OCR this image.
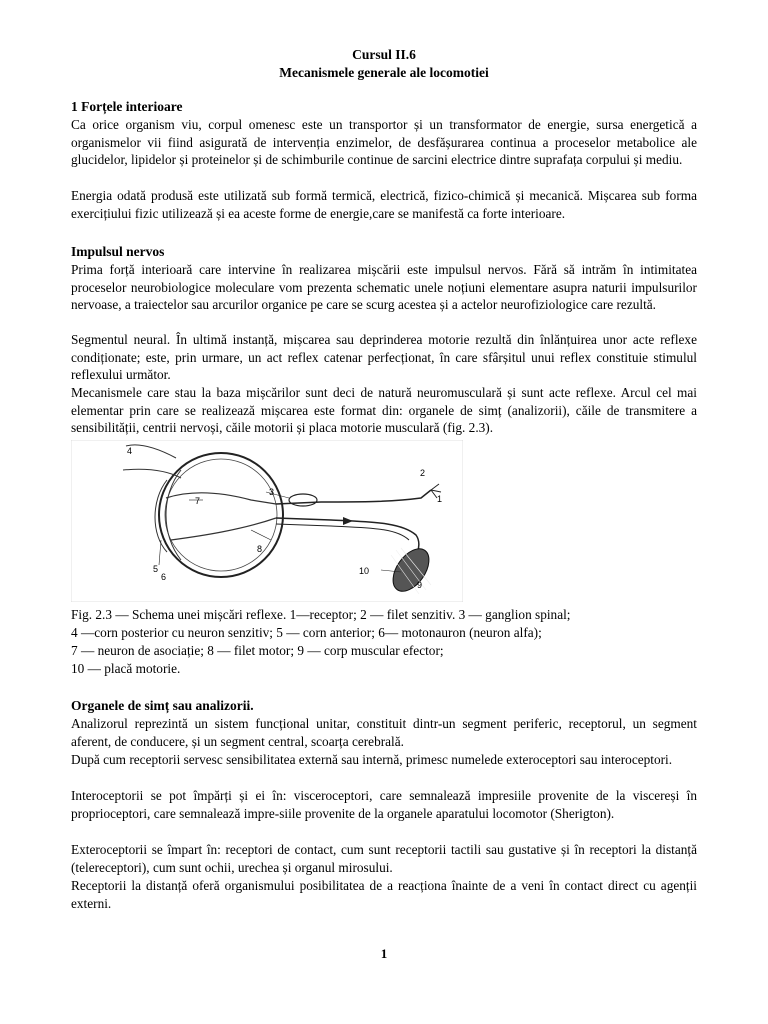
Cursul II.6
Mecanismele generale ale locomotiei
1 Forțele interioare

Ca orice organism viu, corpul omenesc este un transportor și un transformator de energie, sursa energetică a organismelor vii fiind asigurată de intervenția enzimelor, de desfășurarea continua a proceselor metabolice ale glucidelor, lipidelor și proteinelor și de schimburile continue de sarcini electrice dintre suprafața corpului și mediu.

Energia odată produsă este utilizată sub formă termică, electrică, fizico-chimică și mecanică. Mișcarea sub forma exercițiului fizic utilizează și ea aceste forme de energie,care se manifestă ca forte interioare.

Impulsul nervos

Prima forță interioară care intervine în realizarea mișcării este impulsul nervos. Fără să intrăm în intimitatea proceselor neurobiologice moleculare vom prezenta schematic unele noțiuni elementare asupra naturii impulsurilor nervoase, a traiectelor sau arcurilor organice pe care se scurg acestea și a actelor neurofiziologice care rezultă.

Segmentul neural. În ultimă instanță, mișcarea sau deprinderea motorie rezultă din înlănțuirea unor acte reflexe condiționate; este, prin urmare, un act reflex catenar perfecționat, în care sfârșitul unui reflex constituie stimulul reflexului următor.

Mecanismele care stau la baza mișcărilor sunt deci de natură neuromusculară și sunt acte reflexe. Arcul cel mai elementar prin care se realizează mișcarea este format din: organele de simț (analizorii), căile de transmitere a sensibilității, centrii nervoși, căile motorii și placa motorie musculară (fig. 2.3).

1
2
3
4
5
6
7
8
9
10

Fig. 2.3 — Schema unei mișcări reflexe. 1—receptor; 2 — filet senzitiv. 3 — ganglion spinal;

4 —corn posterior cu neuron senzitiv; 5 — corn anterior; 6— motonauron (neuron alfa);

7 — neuron de asociație; 8 — filet motor; 9 — corp muscular efector;

10 — placă motorie.

Organele de simț sau analizorii.

Analizorul reprezintă un sistem funcțional unitar, constituit dintr-un segment periferic, receptorul, un segment aferent, de conducere, și un segment central, scoarța cerebrală.

După cum receptorii servesc sensibilitatea externă sau internă, primesc numelede exteroceptori sau interoceptori.

Interoceptorii se pot împărți și ei în: visceroceptori, care semnalează impresiile provenite de la viscereși în proprioceptori, care semnalează impre-siile provenite de la organele aparatului locomotor (Sherigton).

Exteroceptorii se împart în: receptori de contact, cum sunt receptorii tactili sau gustative și în receptori la distanță (telereceptori), cum sunt ochii, urechea și organul mirosului.

Receptorii la distanță oferă organismului posibilitatea de a reacționa înainte de a veni în contact direct cu agenții externi.

1
